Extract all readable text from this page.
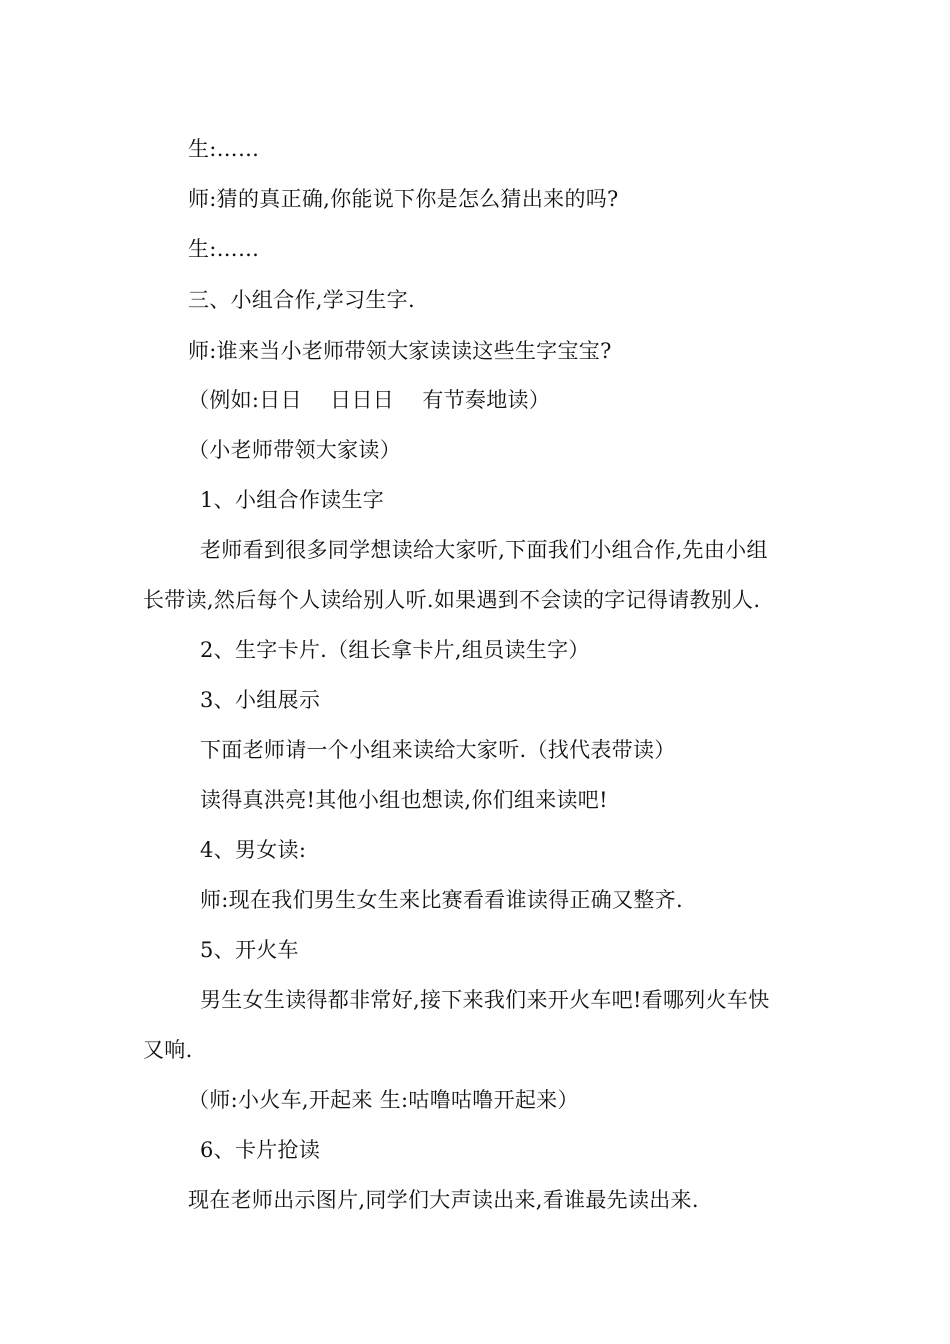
生:……
师:猜的真正确,你能说下你是怎么猜出来的吗?
生:……
三、小组合作,学习生字.
师:谁来当小老师带领大家读读这些生字宝宝?
（例如:日日　 日日日　 有节奏地读）
（小老师带领大家读）
1、小组合作读生字
老师看到很多同学想读给大家听,下面我们小组合作,先由小组
长带读,然后每个人读给别人听.如果遇到不会读的字记得请教别人.
2、生字卡片.（组长拿卡片,组员读生字）
3、小组展示
下面老师请一个小组来读给大家听.（找代表带读）
读得真洪亮!其他小组也想读,你们组来读吧!
4、男女读:
师:现在我们男生女生来比赛看看谁读得正确又整齐.
5、开火车
男生女生读得都非常好,接下来我们来开火车吧!看哪列火车快
又响.
（师:小火车,开起来 生:咕噜咕噜开起来）
6、卡片抢读
现在老师出示图片,同学们大声读出来,看谁最先读出来.
